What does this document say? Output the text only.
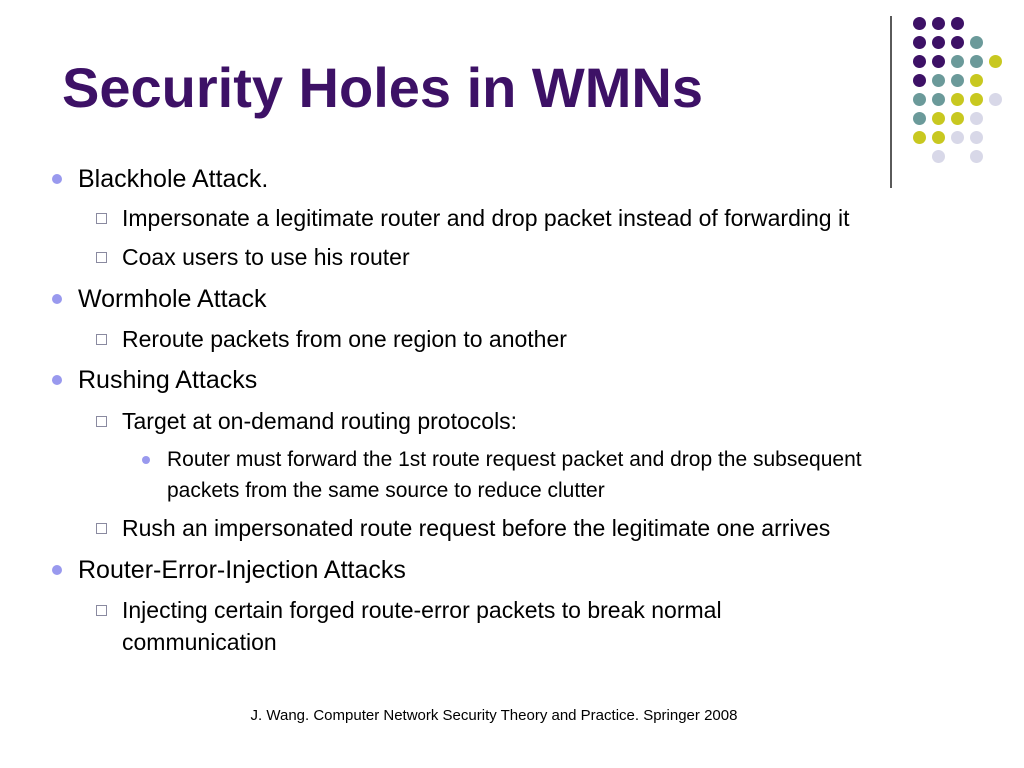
Security Holes in WMNs
Blackhole Attack.
Impersonate a legitimate router and drop packet instead of forwarding it
Coax users to use his router
Wormhole Attack
Reroute packets from one region to another
Rushing Attacks
Target at on-demand routing protocols:
Router must forward the 1st route request packet and drop the subsequent
packets from the same source to reduce clutter
Rush an impersonated route request before the legitimate one arrives
Router-Error-Injection Attacks
Injecting certain forged route-error packets to break normal
communication
J. Wang. Computer Network Security Theory and Practice. Springer 2008
